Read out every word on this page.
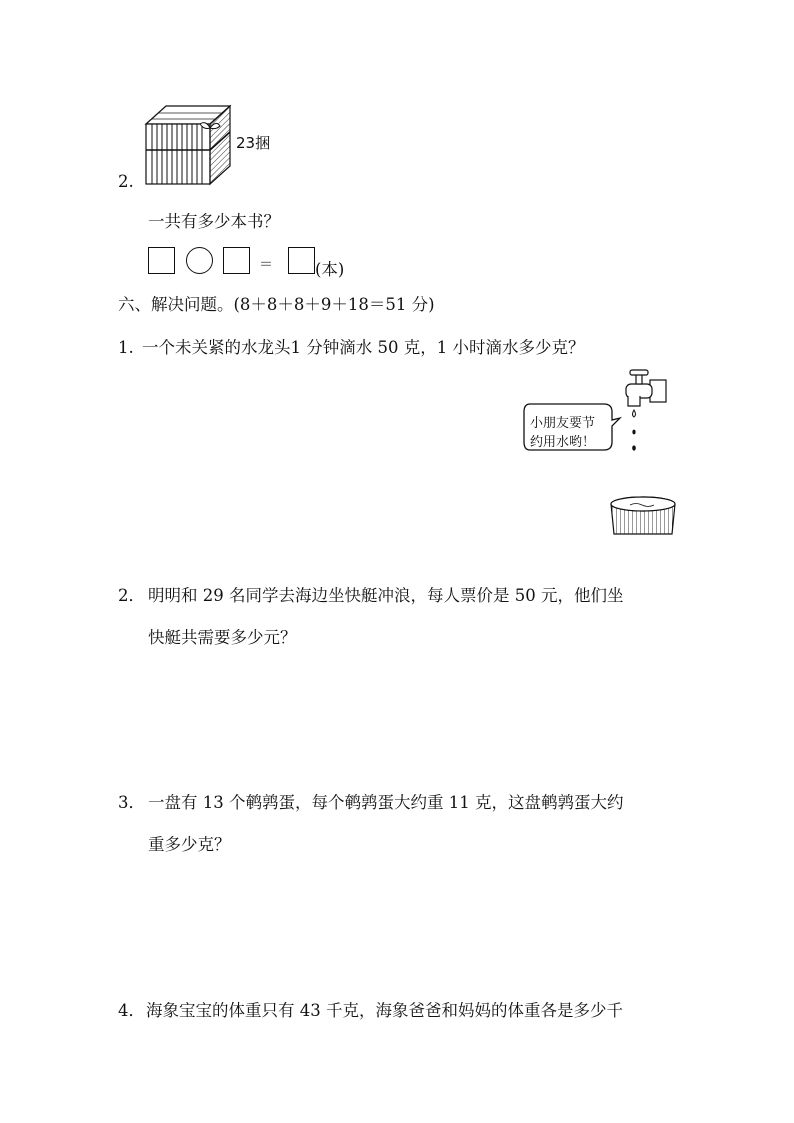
2.
23捆
一共有多少本书？
＝	(本)
六、解决问题。(8＋8＋8＋9＋18＝51 分)
1. 一个未关紧的水龙头1 分钟滴水 50 克，1 小时滴水多少克？
小朋友要节
约用水哟！
2． 明明和 29 名同学去海边坐快艇冲浪，每人票价是 50 元，他们坐
快艇共需要多少元？
3． 一盘有 13 个鹌鹑蛋，每个鹌鹑蛋大约重 11 克，这盘鹌鹑蛋大约
重多少克？
4． 海象宝宝的体重只有 43 千克，海象爸爸和妈妈的体重各是多少千
